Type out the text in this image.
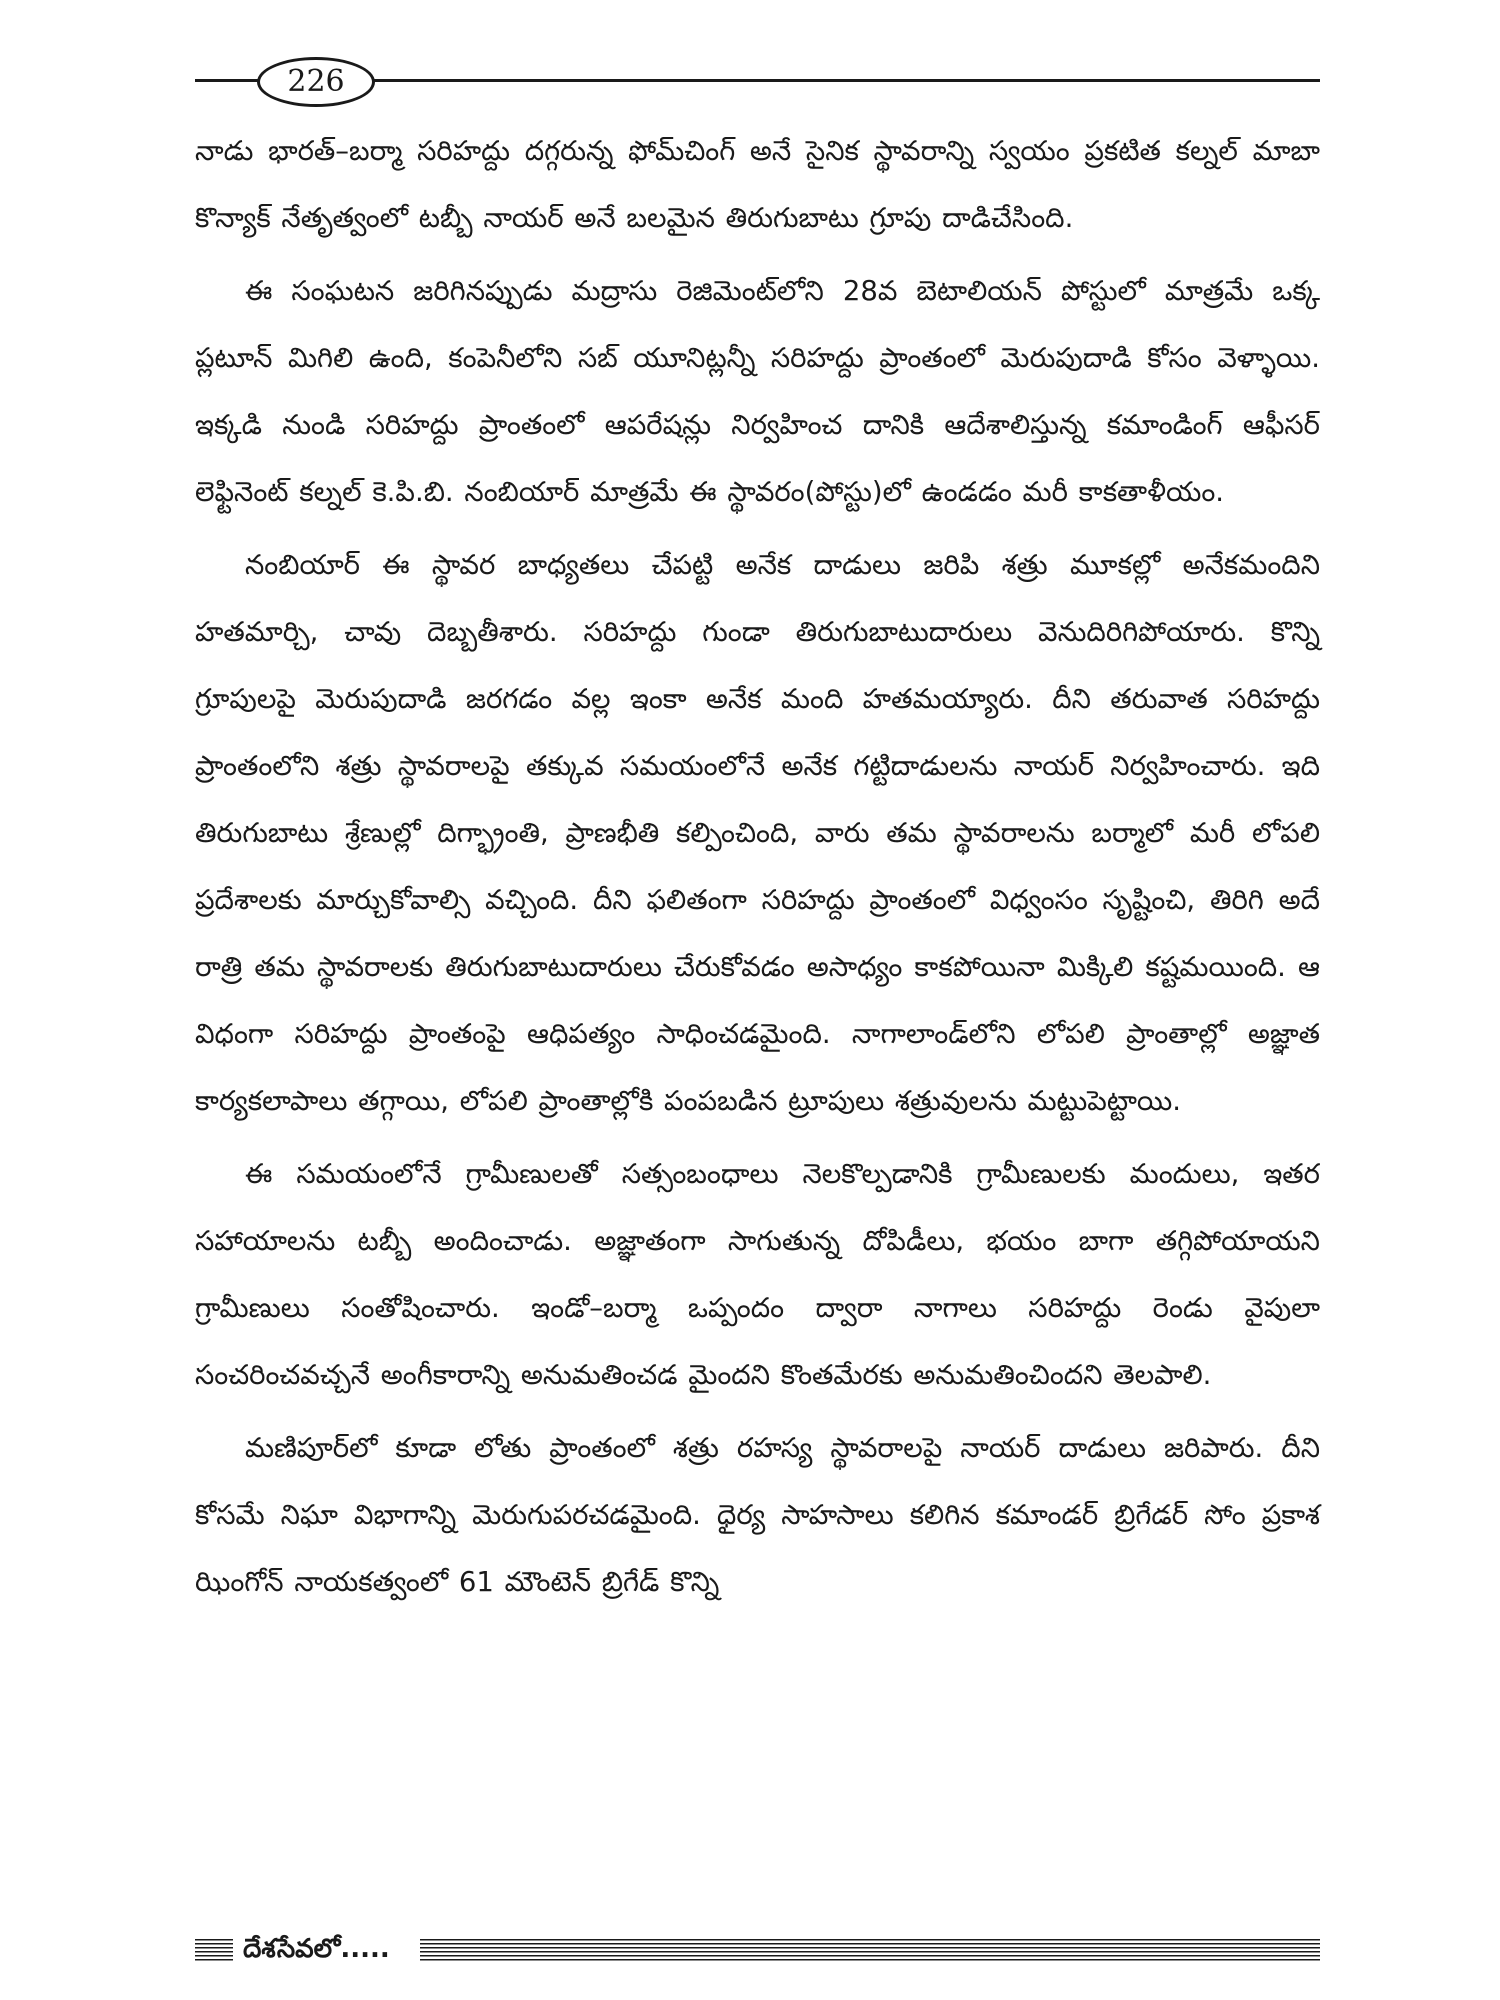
226

నాడు భారత్–బర్మా సరిహద్దు దగ్గరున్న ఫోమ్‌చింగ్ అనే సైనిక స్థావరాన్ని స్వయం ప్రకటిత కల్నల్ మాబా కొన్యాక్ నేతృత్వంలో టబ్బీ నాయర్ అనే బలమైన తిరుగుబాటు గ్రూపు దాడిచేసింది.

ఈ సంఘటన జరిగినప్పుడు మద్రాసు రెజిమెంట్‌లోని 28వ బెటాలియన్ పోస్టులో మాత్రమే ఒక్క ప్లటూన్ మిగిలి ఉంది, కంపెనీలోని సబ్ యూనిట్లన్నీ సరిహద్దు ప్రాంతంలో మెరుపుదాడి కోసం వెళ్ళాయి. ఇక్కడి నుండి సరిహద్దు ప్రాంతంలో ఆపరేషన్లు నిర్వహించ దానికి ఆదేశాలిస్తున్న కమాండింగ్ ఆఫీసర్ లెఫ్టినెంట్ కల్నల్ కె.పి.బి. నంబియార్ మాత్రమే ఈ స్థావరం(పోస్టు)లో ఉండడం మరీ కాకతాళీయం.

నంబియార్ ఈ స్థావర బాధ్యతలు చేపట్టి అనేక దాడులు జరిపి శత్రు మూకల్లో అనేకమందిని హతమార్చి, చావు దెబ్బతీశారు. సరిహద్దు గుండా తిరుగుబాటుదారులు వెనుదిరిగిపోయారు. కొన్ని గ్రూపులపై మెరుపుదాడి జరగడం వల్ల ఇంకా అనేక మంది హతమయ్యారు. దీని తరువాత సరిహద్దు ప్రాంతంలోని శత్రు స్థావరాలపై తక్కువ సమయంలోనే అనేక గట్టిదాడులను నాయర్ నిర్వహించారు. ఇది తిరుగుబాటు శ్రేణుల్లో దిగ్భ్రాంతి, ప్రాణభీతి కల్పించింది, వారు తమ స్థావరాలను బర్మాలో మరీ లోపలి ప్రదేశాలకు మార్చుకోవాల్సి వచ్చింది. దీని ఫలితంగా సరిహద్దు ప్రాంతంలో విధ్వంసం సృష్టించి, తిరిగి అదే రాత్రి తమ స్థావరాలకు తిరుగుబాటుదారులు చేరుకోవడం అసాధ్యం కాకపోయినా మిక్కిలి కష్టమయింది. ఆ విధంగా సరిహద్దు ప్రాంతంపై ఆధిపత్యం సాధించడమైంది. నాగాలాండ్‌లోని లోపలి ప్రాంతాల్లో అజ్ఞాత కార్యకలాపాలు తగ్గాయి, లోపలి ప్రాంతాల్లోకి పంపబడిన ట్రూపులు శత్రువులను మట్టుపెట్టాయి.

ఈ సమయంలోనే గ్రామీణులతో సత్సంబంధాలు నెలకొల్పడానికి గ్రామీణులకు మందులు, ఇతర సహాయాలను టబ్బీ అందించాడు. అజ్ఞాతంగా సాగుతున్న దోపిడీలు, భయం బాగా తగ్గిపోయాయని గ్రామీణులు సంతోషించారు. ఇండో–బర్మా ఒప్పందం ద్వారా నాగాలు సరిహద్దు రెండు వైపులా సంచరించవచ్చనే అంగీకారాన్ని అనుమతించడ మైందని కొంతమేరకు అనుమతించిందని తెలపాలి.

మణిపూర్‌లో కూడా లోతు ప్రాంతంలో శత్రు రహస్య స్థావరాలపై నాయర్ దాడులు జరిపారు. దీని కోసమే నిఘా విభాగాన్ని మెరుగుపరచడమైంది. ధైర్య సాహసాలు కలిగిన కమాండర్ బ్రిగేడర్ సోం ప్రకాశ ఝింగోన్ నాయకత్వంలో 61 మౌంటెన్ బ్రిగేడ్ కొన్ని

దేశసేవలో.....
